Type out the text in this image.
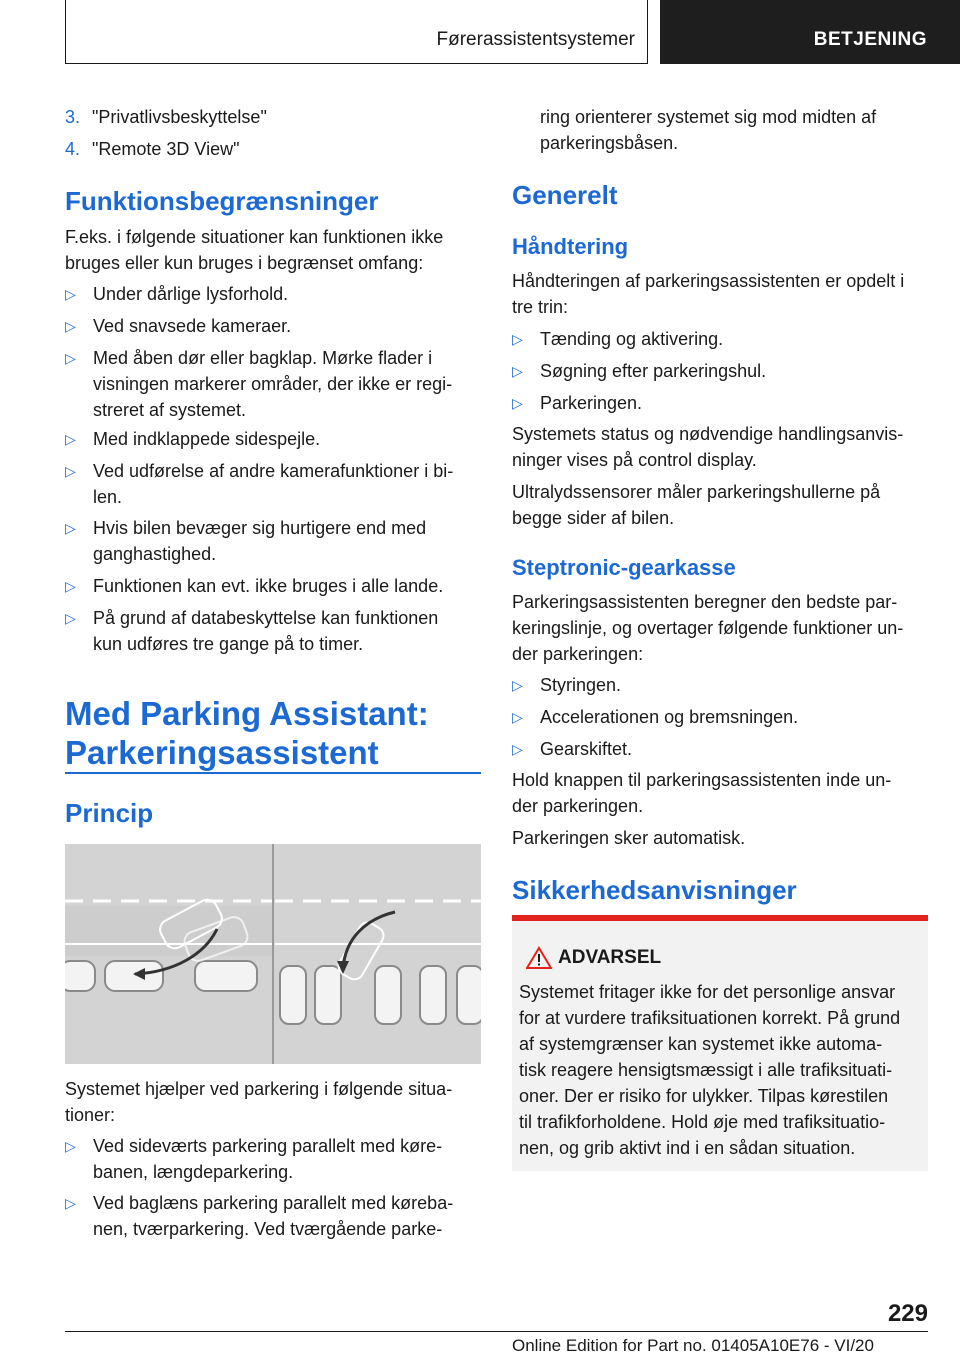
Førerassistentsystemer	BETJENING
3. "Privatlivsbeskyttelse"
4. "Remote 3D View"
Funktionsbegrænsninger

F.eks. i følgende situationer kan funktionen ikke

bruges eller kun bruges i begrænset omfang:

▷ Under dårlige lysforhold.
▷ Ved snavsede kameraer.
▷ Med åben dør eller bagklap. Mørke flader i
visningen markerer områder, der ikke er regi-
streret af systemet.
▷ Med indklappede sidespejle.
▷ Ved udførelse af andre kamerafunktioner i bi-
len.
▷ Hvis bilen bevæger sig hurtigere end med
ganghastighed.
▷ Funktionen kan evt. ikke bruges i alle lande.
▷ På grund af databeskyttelse kan funktionen
kun udføres tre gange på to timer.
Med Parking Assistant:
Parkeringsassistent
Princip

Systemet hjælper ved parkering i følgende situa-

tioner:

▷ Ved sideværts parkering parallelt med køre-
banen, længdeparkering.
▷ Ved baglæns parkering parallelt med køreba-
nen, tværparkering. Ved tværgående parke-

ring orienterer systemet sig mod midten af

parkeringsbåsen.

Generelt
Håndtering

Håndteringen af parkeringsassistenten er opdelt i

tre trin:

▷ Tænding og aktivering.
▷ Søgning efter parkeringshul.
▷ Parkeringen.

Systemets status og nødvendige handlingsanvis-

ninger vises på control display.

Ultralydssensorer måler parkeringshullerne på

begge sider af bilen.

Steptronic-gearkasse

Parkeringsassistenten beregner den bedste par-

keringslinje, og overtager følgende funktioner un-

der parkeringen:

▷ Styringen.
▷ Accelerationen og bremsningen.
▷ Gearskiftet.

Hold knappen til parkeringsassistenten inde un-

der parkeringen.

Parkeringen sker automatisk.

Sikkerhedsanvisninger
ADVARSEL

Systemet fritager ikke for det personlige ansvar

for at vurdere trafiksituationen korrekt. På grund

af systemgrænser kan systemet ikke automa-

tisk reagere hensigtsmæssigt i alle trafiksituati-

oner. Der er risiko for ulykker. Tilpas kørestilen

til trafikforholdene. Hold øje med trafiksituatio-

nen, og grib aktivt ind i en sådan situation.

229
Online Edition for Part no. 01405A10E76 - VI/20
